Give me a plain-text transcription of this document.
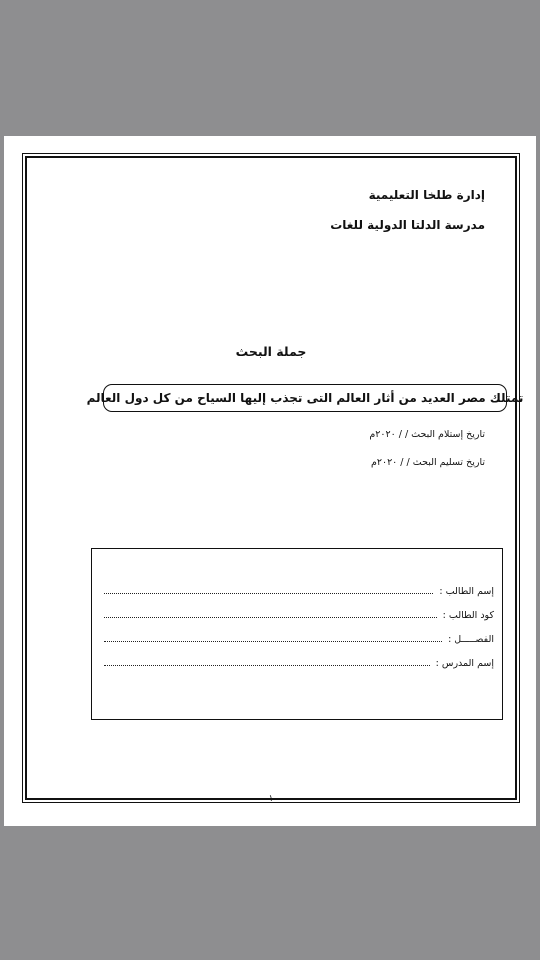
إدارة طلخا التعليمية
مدرسة الدلتا الدولية للغات
جملة البحث
تمتلك مصر العديد من أثار العالم التى تجذب إليها السياح من كل دول العالم
تاريخ إستلام البحث / / ٢٠٢٠م
تاريخ تسليم البحث / / ٢٠٢٠م
إسم الطالب :
كود الطالب :
الفصـــــل :
إسم المدرس :
١
